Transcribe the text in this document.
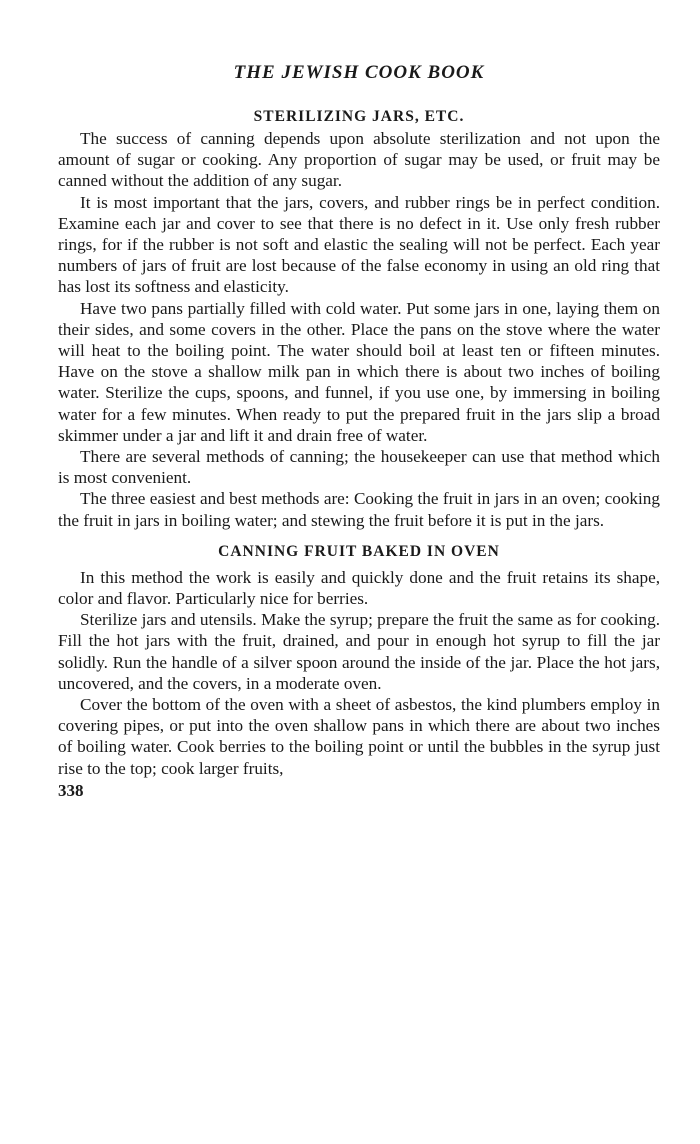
THE JEWISH COOK BOOK
STERILIZING JARS, ETC.

The success of canning depends upon absolute sterilization and not upon the amount of sugar or cooking. Any proportion of sugar may be used, or fruit may be canned without the addition of any sugar.

It is most important that the jars, covers, and rubber rings be in perfect condition. Examine each jar and cover to see that there is no defect in it. Use only fresh rubber rings, for if the rubber is not soft and elastic the sealing will not be perfect. Each year numbers of jars of fruit are lost because of the false economy in using an old ring that has lost its softness and elasticity.

Have two pans partially filled with cold water. Put some jars in one, laying them on their sides, and some covers in the other. Place the pans on the stove where the water will heat to the boiling point. The water should boil at least ten or fifteen minutes. Have on the stove a shallow milk pan in which there is about two inches of boiling water. Sterilize the cups, spoons, and funnel, if you use one, by immersing in boiling water for a few minutes. When ready to put the prepared fruit in the jars slip a broad skimmer under a jar and lift it and drain free of water.

There are several methods of canning; the housekeeper can use that method which is most convenient.

The three easiest and best methods are: Cooking the fruit in jars in an oven; cooking the fruit in jars in boiling water; and stewing the fruit before it is put in the jars.

CANNING FRUIT BAKED IN OVEN

In this method the work is easily and quickly done and the fruit retains its shape, color and flavor. Particularly nice for berries.

Sterilize jars and utensils. Make the syrup; prepare the fruit the same as for cooking. Fill the hot jars with the fruit, drained, and pour in enough hot syrup to fill the jar solidly. Run the handle of a silver spoon around the inside of the jar. Place the hot jars, uncovered, and the covers, in a moderate oven.

Cover the bottom of the oven with a sheet of asbestos, the kind plumbers employ in covering pipes, or put into the oven shallow pans in which there are about two inches of boiling water. Cook berries to the boiling point or until the bubbles in the syrup just rise to the top; cook larger fruits,

338
